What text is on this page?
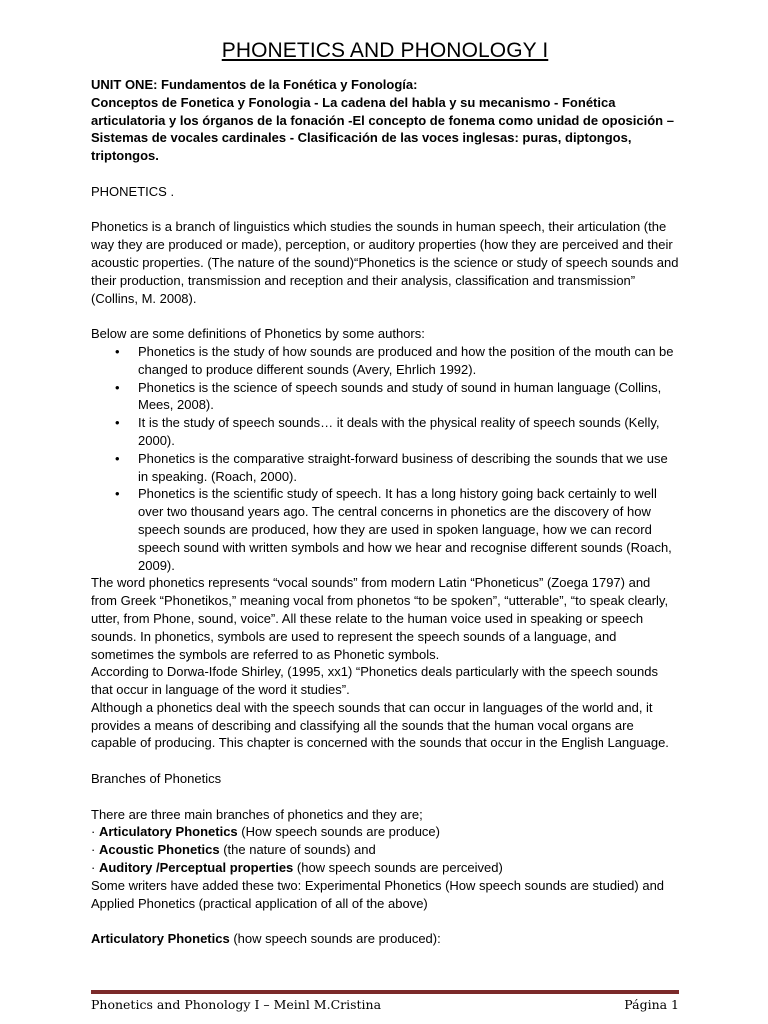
PHONETICS AND PHONOLOGY I
UNIT ONE: Fundamentos de la Fonética y Fonología:
Conceptos de Fonetica y Fonologia - La cadena del habla y su mecanismo - Fonética articulatoria y los órganos de la fonación -El concepto de fonema como unidad de oposición – Sistemas de vocales cardinales - Clasificación de las voces inglesas: puras, diptongos, triptongos.
PHONETICS .

Phonetics is a branch of linguistics which studies the sounds in human speech, their articulation (the way they are produced or made), perception, or auditory properties (how they are perceived and their acoustic properties. (The nature of the sound)“Phonetics is the science or study of speech sounds and their production, transmission and reception and their analysis, classification and transmission” (Collins, M. 2008).

Below are some definitions of Phonetics by some authors:

• Phonetics is the study of how sounds are produced and how the position of the mouth can be changed to produce different sounds (Avery, Ehrlich 1992).
• Phonetics is the science of speech sounds and study of sound in human language (Collins, Mees, 2008).
• It is the study of speech sounds… it deals with the physical reality of speech sounds (Kelly, 2000).
• Phonetics is the comparative straight-forward business of describing the sounds that we use in speaking. (Roach, 2000).
• Phonetics is the scientific study of speech. It has a long history going back certainly to well over two thousand years ago. The central concerns in phonetics are the discovery of how speech sounds are produced, how they are used in spoken language, how we can record speech sound with written symbols and how we hear and recognise different sounds (Roach, 2009).

The word phonetics represents “vocal sounds” from modern Latin “Phoneticus” (Zoega 1797) and from Greek “Phonetikos,” meaning vocal from phonetos “to be spoken”, “utterable”, “to speak clearly, utter, from Phone, sound, voice”. All these relate to the human voice used in speaking or speech sounds. In phonetics, symbols are used to represent the speech sounds of a language, and sometimes the symbols are referred to as Phonetic symbols.

According to Dorwa-Ifode Shirley, (1995, xx1) “Phonetics deals particularly with the speech sounds that occur in language of the word it studies”.

Although a phonetics deal with the speech sounds that can occur in languages of the world and, it provides a means of describing and classifying all the sounds that the human vocal organs are capable of producing. This chapter is concerned with the sounds that occur in the English Language.

Branches of Phonetics

There are three main branches of phonetics and they are;

· Articulatory Phonetics (How speech sounds are produce)
· Acoustic Phonetics (the nature of sounds) and
· Auditory /Perceptual properties (how speech sounds are perceived)

Some writers have added these two: Experimental Phonetics (How speech sounds are studied) and Applied Phonetics (practical application of all of the above)

Articulatory Phonetics (how speech sounds are produced):

Phonetics and Phonology I – Meinl M.Cristina	Página 1
